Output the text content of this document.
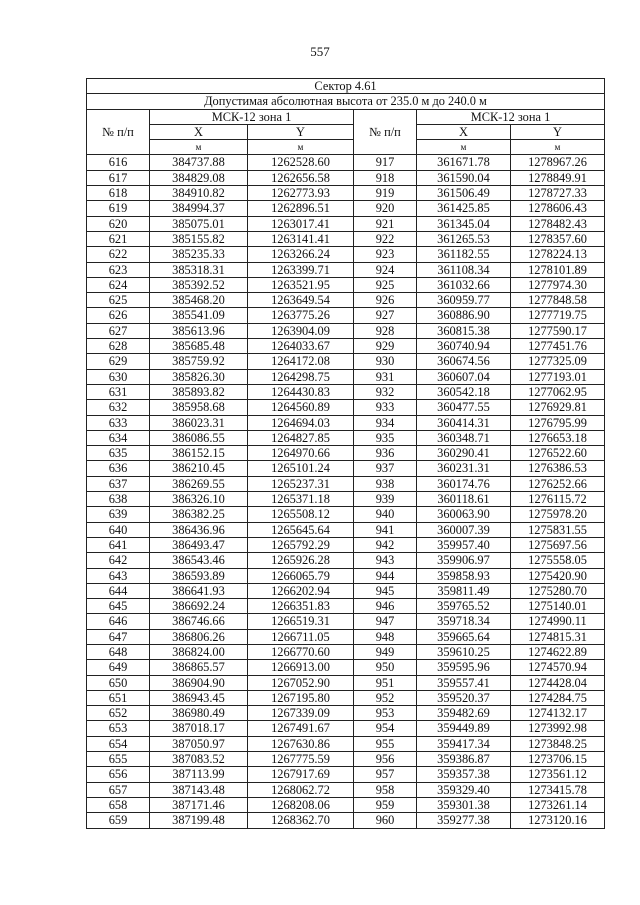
557
Сектор 4.61					
Допустимая абсолютная высота от 235.0 м до 240.0 м					
№ п/п	МСК-12 зона 1		№ п/п	МСК-12 зона 1	
	X	Y		X	Y
	м	м		м	м
616	384737.88	1262528.60	917	361671.78	1278967.26
617	384829.08	1262656.58	918	361590.04	1278849.91
618	384910.82	1262773.93	919	361506.49	1278727.33
619	384994.37	1262896.51	920	361425.85	1278606.43
620	385075.01	1263017.41	921	361345.04	1278482.43
621	385155.82	1263141.41	922	361265.53	1278357.60
622	385235.33	1263266.24	923	361182.55	1278224.13
623	385318.31	1263399.71	924	361108.34	1278101.89
624	385392.52	1263521.95	925	361032.66	1277974.30
625	385468.20	1263649.54	926	360959.77	1277848.58
626	385541.09	1263775.26	927	360886.90	1277719.75
627	385613.96	1263904.09	928	360815.38	1277590.17
628	385685.48	1264033.67	929	360740.94	1277451.76
629	385759.92	1264172.08	930	360674.56	1277325.09
630	385826.30	1264298.75	931	360607.04	1277193.01
631	385893.82	1264430.83	932	360542.18	1277062.95
632	385958.68	1264560.89	933	360477.55	1276929.81
633	386023.31	1264694.03	934	360414.31	1276795.99
634	386086.55	1264827.85	935	360348.71	1276653.18
635	386152.15	1264970.66	936	360290.41	1276522.60
636	386210.45	1265101.24	937	360231.31	1276386.53
637	386269.55	1265237.31	938	360174.76	1276252.66
638	386326.10	1265371.18	939	360118.61	1276115.72
639	386382.25	1265508.12	940	360063.90	1275978.20
640	386436.96	1265645.64	941	360007.39	1275831.55
641	386493.47	1265792.29	942	359957.40	1275697.56
642	386543.46	1265926.28	943	359906.97	1275558.05
643	386593.89	1266065.79	944	359858.93	1275420.90
644	386641.93	1266202.94	945	359811.49	1275280.70
645	386692.24	1266351.83	946	359765.52	1275140.01
646	386746.66	1266519.31	947	359718.34	1274990.11
647	386806.26	1266711.05	948	359665.64	1274815.31
648	386824.00	1266770.60	949	359610.25	1274622.89
649	386865.57	1266913.00	950	359595.96	1274570.94
650	386904.90	1267052.90	951	359557.41	1274428.04
651	386943.45	1267195.80	952	359520.37	1274284.75
652	386980.49	1267339.09	953	359482.69	1274132.17
653	387018.17	1267491.67	954	359449.89	1273992.98
654	387050.97	1267630.86	955	359417.34	1273848.25
655	387083.52	1267775.59	956	359386.87	1273706.15
656	387113.99	1267917.69	957	359357.38	1273561.12
657	387143.48	1268062.72	958	359329.40	1273415.78
658	387171.46	1268208.06	959	359301.38	1273261.14
659	387199.48	1268362.70	960	359277.38	1273120.16
